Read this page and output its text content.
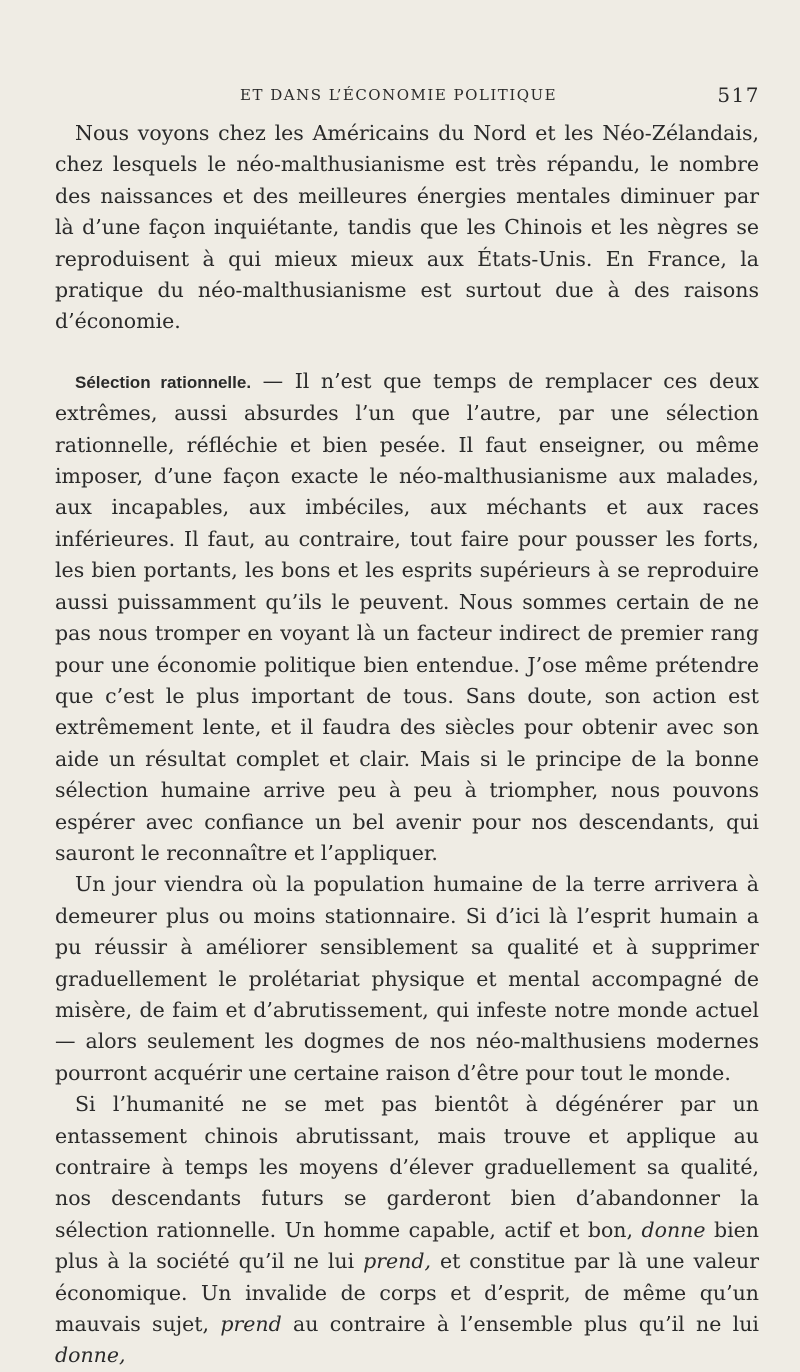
ET DANS L’ÉCONOMIE POLITIQUE	517

Nous voyons chez les Américains du Nord et les Néo-Zélandais, chez lesquels le néo-malthusianisme est très répandu, le nombre des naissances et des meilleures énergies mentales diminuer par là d’une façon inquiétante, tandis que les Chinois et les nègres se reproduisent à qui mieux mieux aux États-Unis. En France, la pratique du néo-malthusianisme est surtout due à des raisons d’économie.

Sélection rationnelle. — Il n’est que temps de remplacer ces deux extrêmes, aussi absurdes l’un que l’autre, par une sélection rationnelle, réfléchie et bien pesée. Il faut enseigner, ou même imposer, d’une façon exacte le néo-malthusianisme aux malades, aux incapables, aux imbéciles, aux méchants et aux races inférieures. Il faut, au contraire, tout faire pour pousser les forts, les bien portants, les bons et les esprits supérieurs à se reproduire aussi puissamment qu’ils le peuvent. Nous sommes certain de ne pas nous tromper en voyant là un facteur indirect de premier rang pour une économie politique bien entendue. J’ose même prétendre que c’est le plus important de tous. Sans doute, son action est extrêmement lente, et il faudra des siècles pour obtenir avec son aide un résultat complet et clair. Mais si le principe de la bonne sélection humaine arrive peu à peu à triompher, nous pouvons espérer avec confiance un bel avenir pour nos descendants, qui sauront le reconnaître et l’appliquer.

Un jour viendra où la population humaine de la terre arrivera à demeurer plus ou moins stationnaire. Si d’ici là l’esprit humain a pu réussir à améliorer sensiblement sa qualité et à supprimer graduellement le prolétariat physique et mental accompagné de misère, de faim et d’abrutissement, qui infeste notre monde actuel — alors seulement les dogmes de nos néo-malthusiens modernes pourront acquérir une certaine raison d’être pour tout le monde.

Si l’humanité ne se met pas bientôt à dégénérer par un entassement chinois abrutissant, mais trouve et applique au contraire à temps les moyens d’élever graduellement sa qualité, nos descendants futurs se garderont bien d’abandonner la sélection rationnelle. Un homme capable, actif et bon, donne bien plus à la société qu’il ne lui prend, et constitue par là une valeur économique. Un invalide de corps et d’esprit, de même qu’un mauvais sujet, prend au contraire à l’ensemble plus qu’il ne lui donne,
